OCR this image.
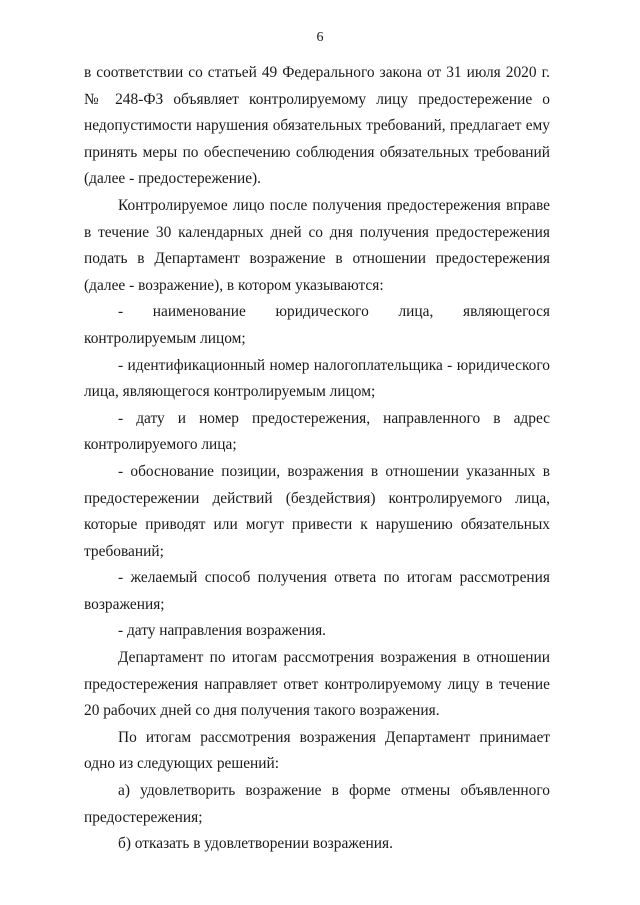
6

в соответствии со статьей 49 Федерального закона от 31 июля 2020 г. № 248-ФЗ объявляет контролируемому лицу предостережение о недопустимости нарушения обязательных требований, предлагает ему принять меры по обеспечению соблюдения обязательных требований (далее - предостережение).

Контролируемое лицо после получения предостережения вправе в течение 30 календарных дней со дня получения предостережения подать в Департамент возражение в отношении предостережения (далее - возражение), в котором указываются:

- наименование юридического лица, являющегося контролируемым лицом;

- идентификационный номер налогоплательщика - юридического лица, являющегося контролируемым лицом;

- дату и номер предостережения, направленного в адрес контролируемого лица;

- обоснование позиции, возражения в отношении указанных в предостережении действий (бездействия) контролируемого лица, которые приводят или могут привести к нарушению обязательных требований;

- желаемый способ получения ответа по итогам рассмотрения возражения;

- дату направления возражения.

Департамент по итогам рассмотрения возражения в отношении предостережения направляет ответ контролируемому лицу в течение 20 рабочих дней со дня получения такого возражения.

По итогам рассмотрения возражения Департамент принимает одно из следующих решений:

а) удовлетворить возражение в форме отмены объявленного предостережения;

б) отказать в удовлетворении возражения.
